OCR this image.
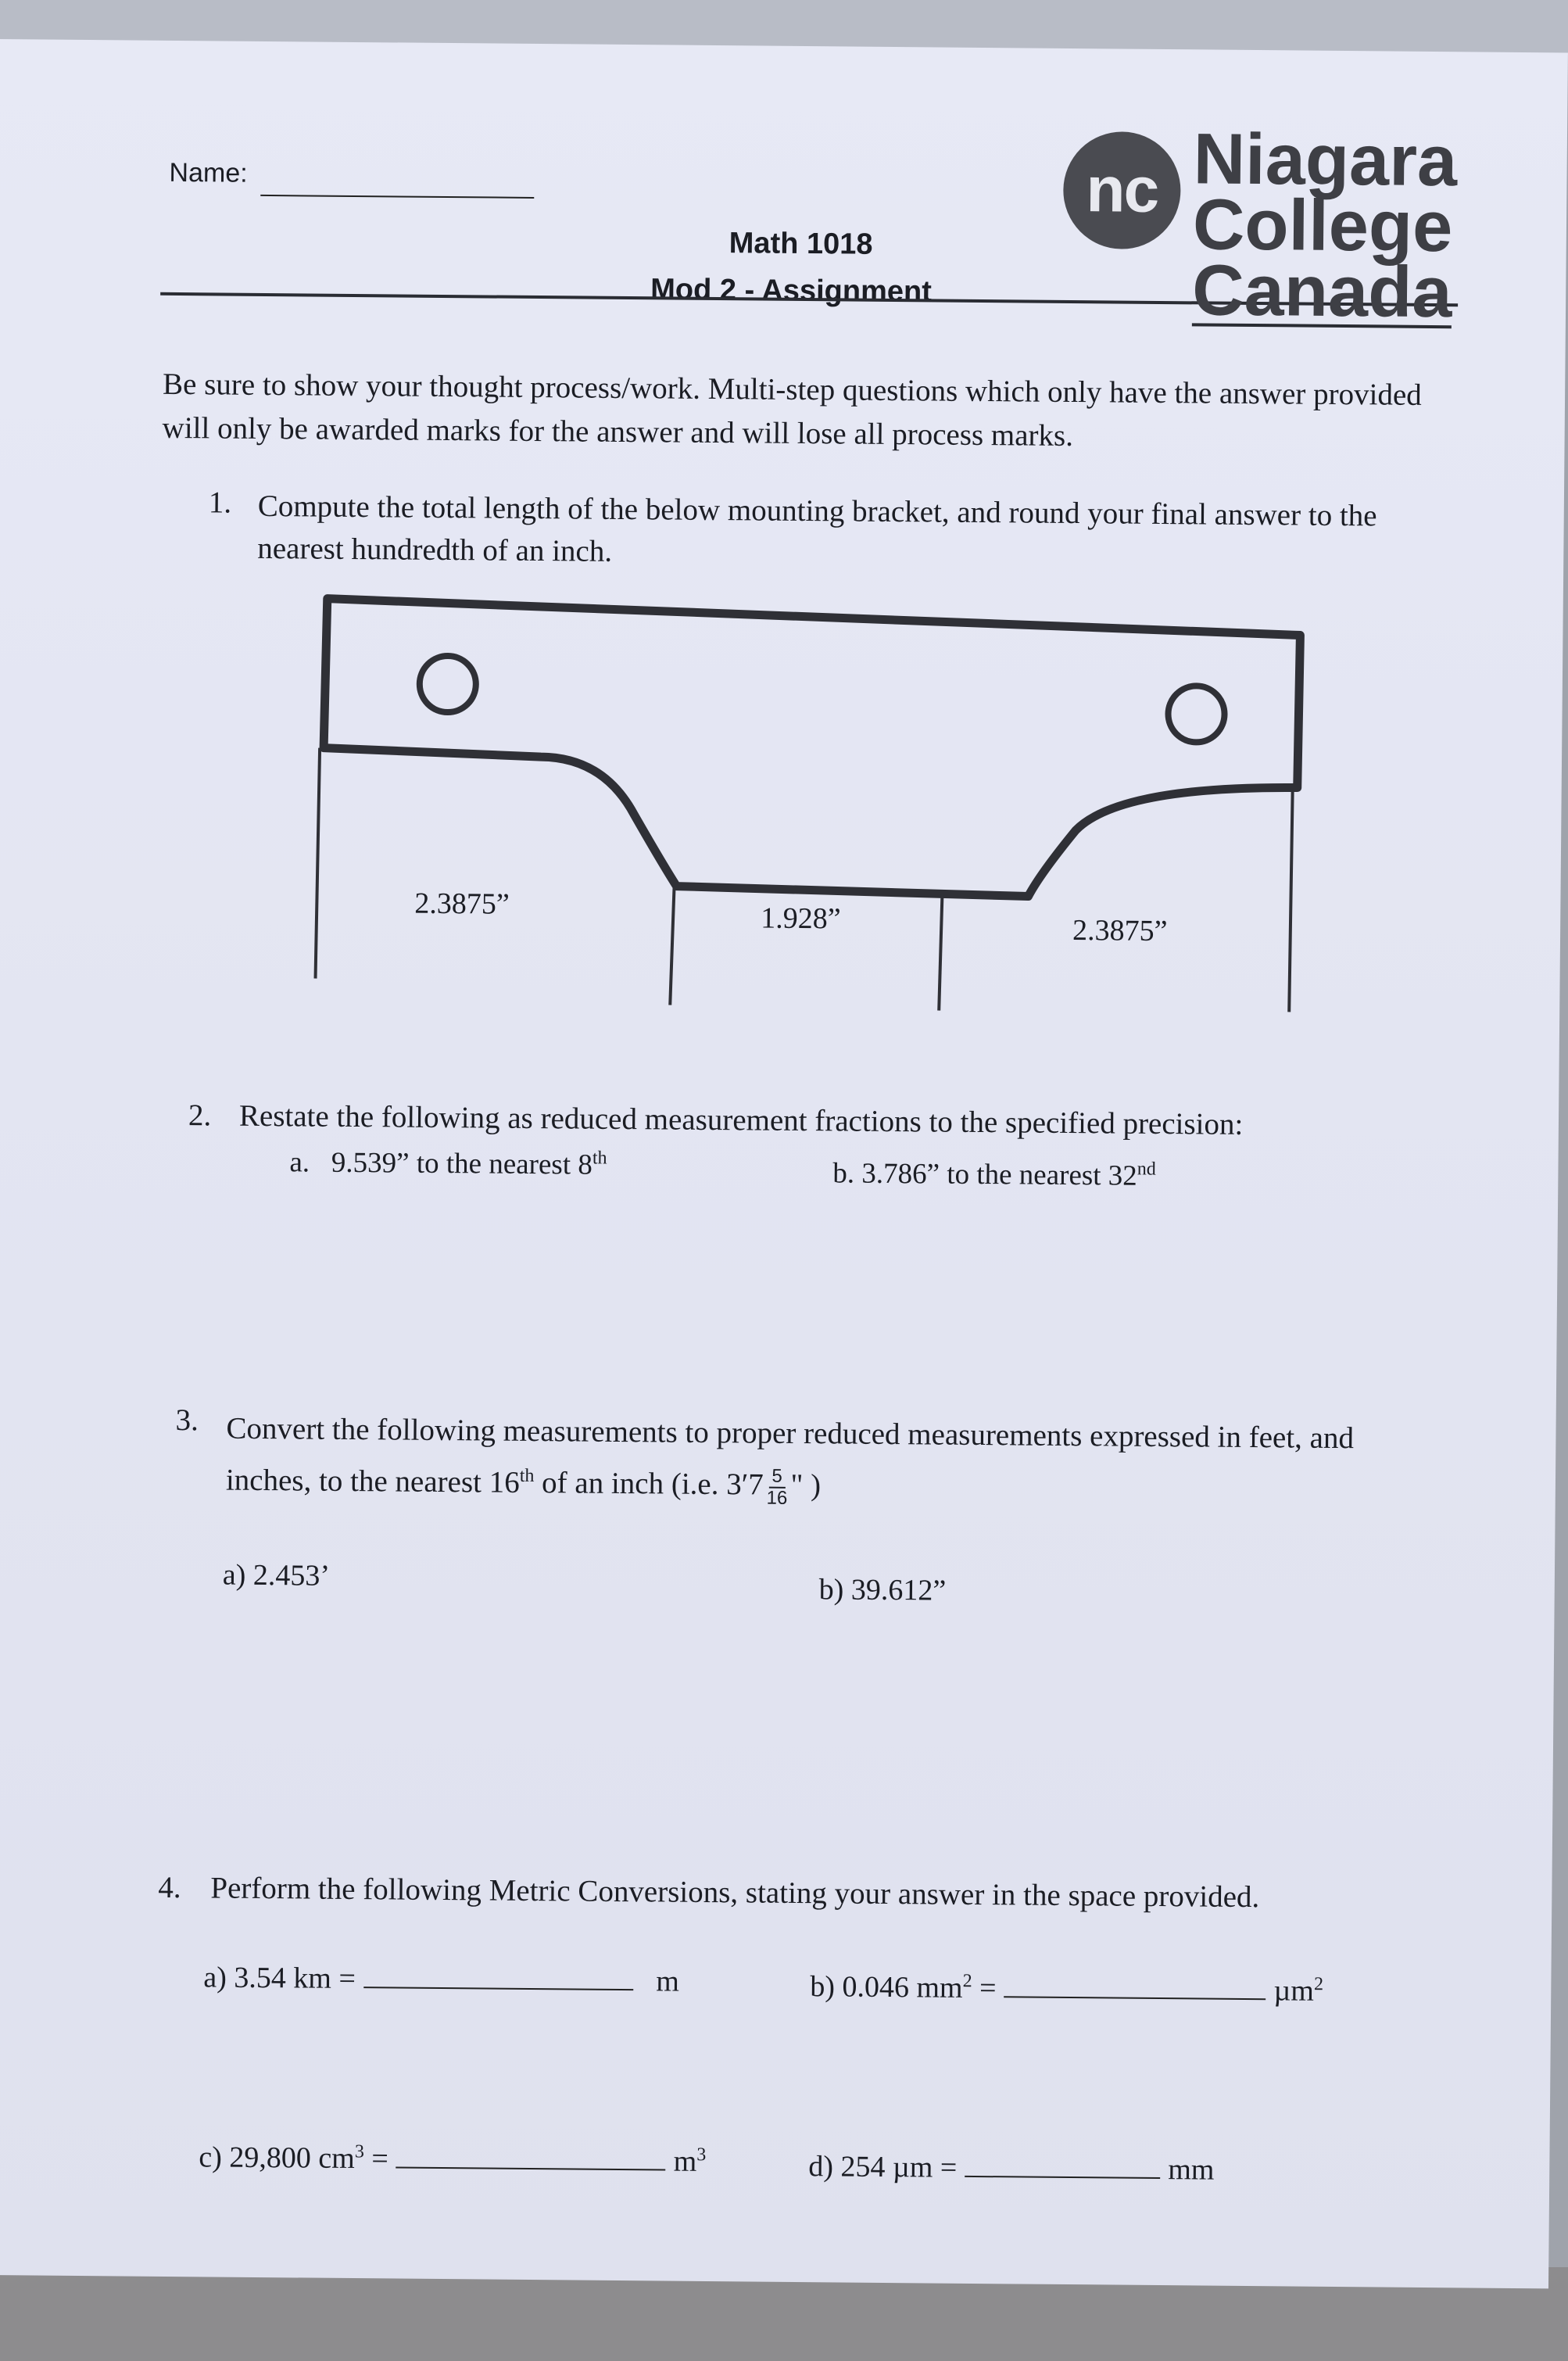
Name:
Math 1018
Mod 2 - Assignment
nc Niagara
College
Canada
Be sure to show your thought process/work. Multi-step questions which only have the answer provided will only be awarded marks for the answer and will lose all process marks.
1. Compute the total length of the below mounting bracket, and round your final answer to the nearest hundredth of an inch.
2.3875”	1.928”	2.3875”
2. Restate the following as reduced measurement fractions to the specified precision:
a. 9.539” to the nearest 8th	b. 3.786” to the nearest 32nd
3. Convert the following measurements to proper reduced measurements expressed in feet, and inches, to the nearest 16th of an inch (i.e. $3'7 \frac{5}{16}$ " )
a) 2.453’	b) 39.612”
4. Perform the following Metric Conversions, stating your answer in the space provided.
a) 3.54 km =	m	b) 0.046 $mm^2$ =	µm$^2$
c) 29,800 $cm^3$ =	$m^3$	d) 254 µm =	mm
